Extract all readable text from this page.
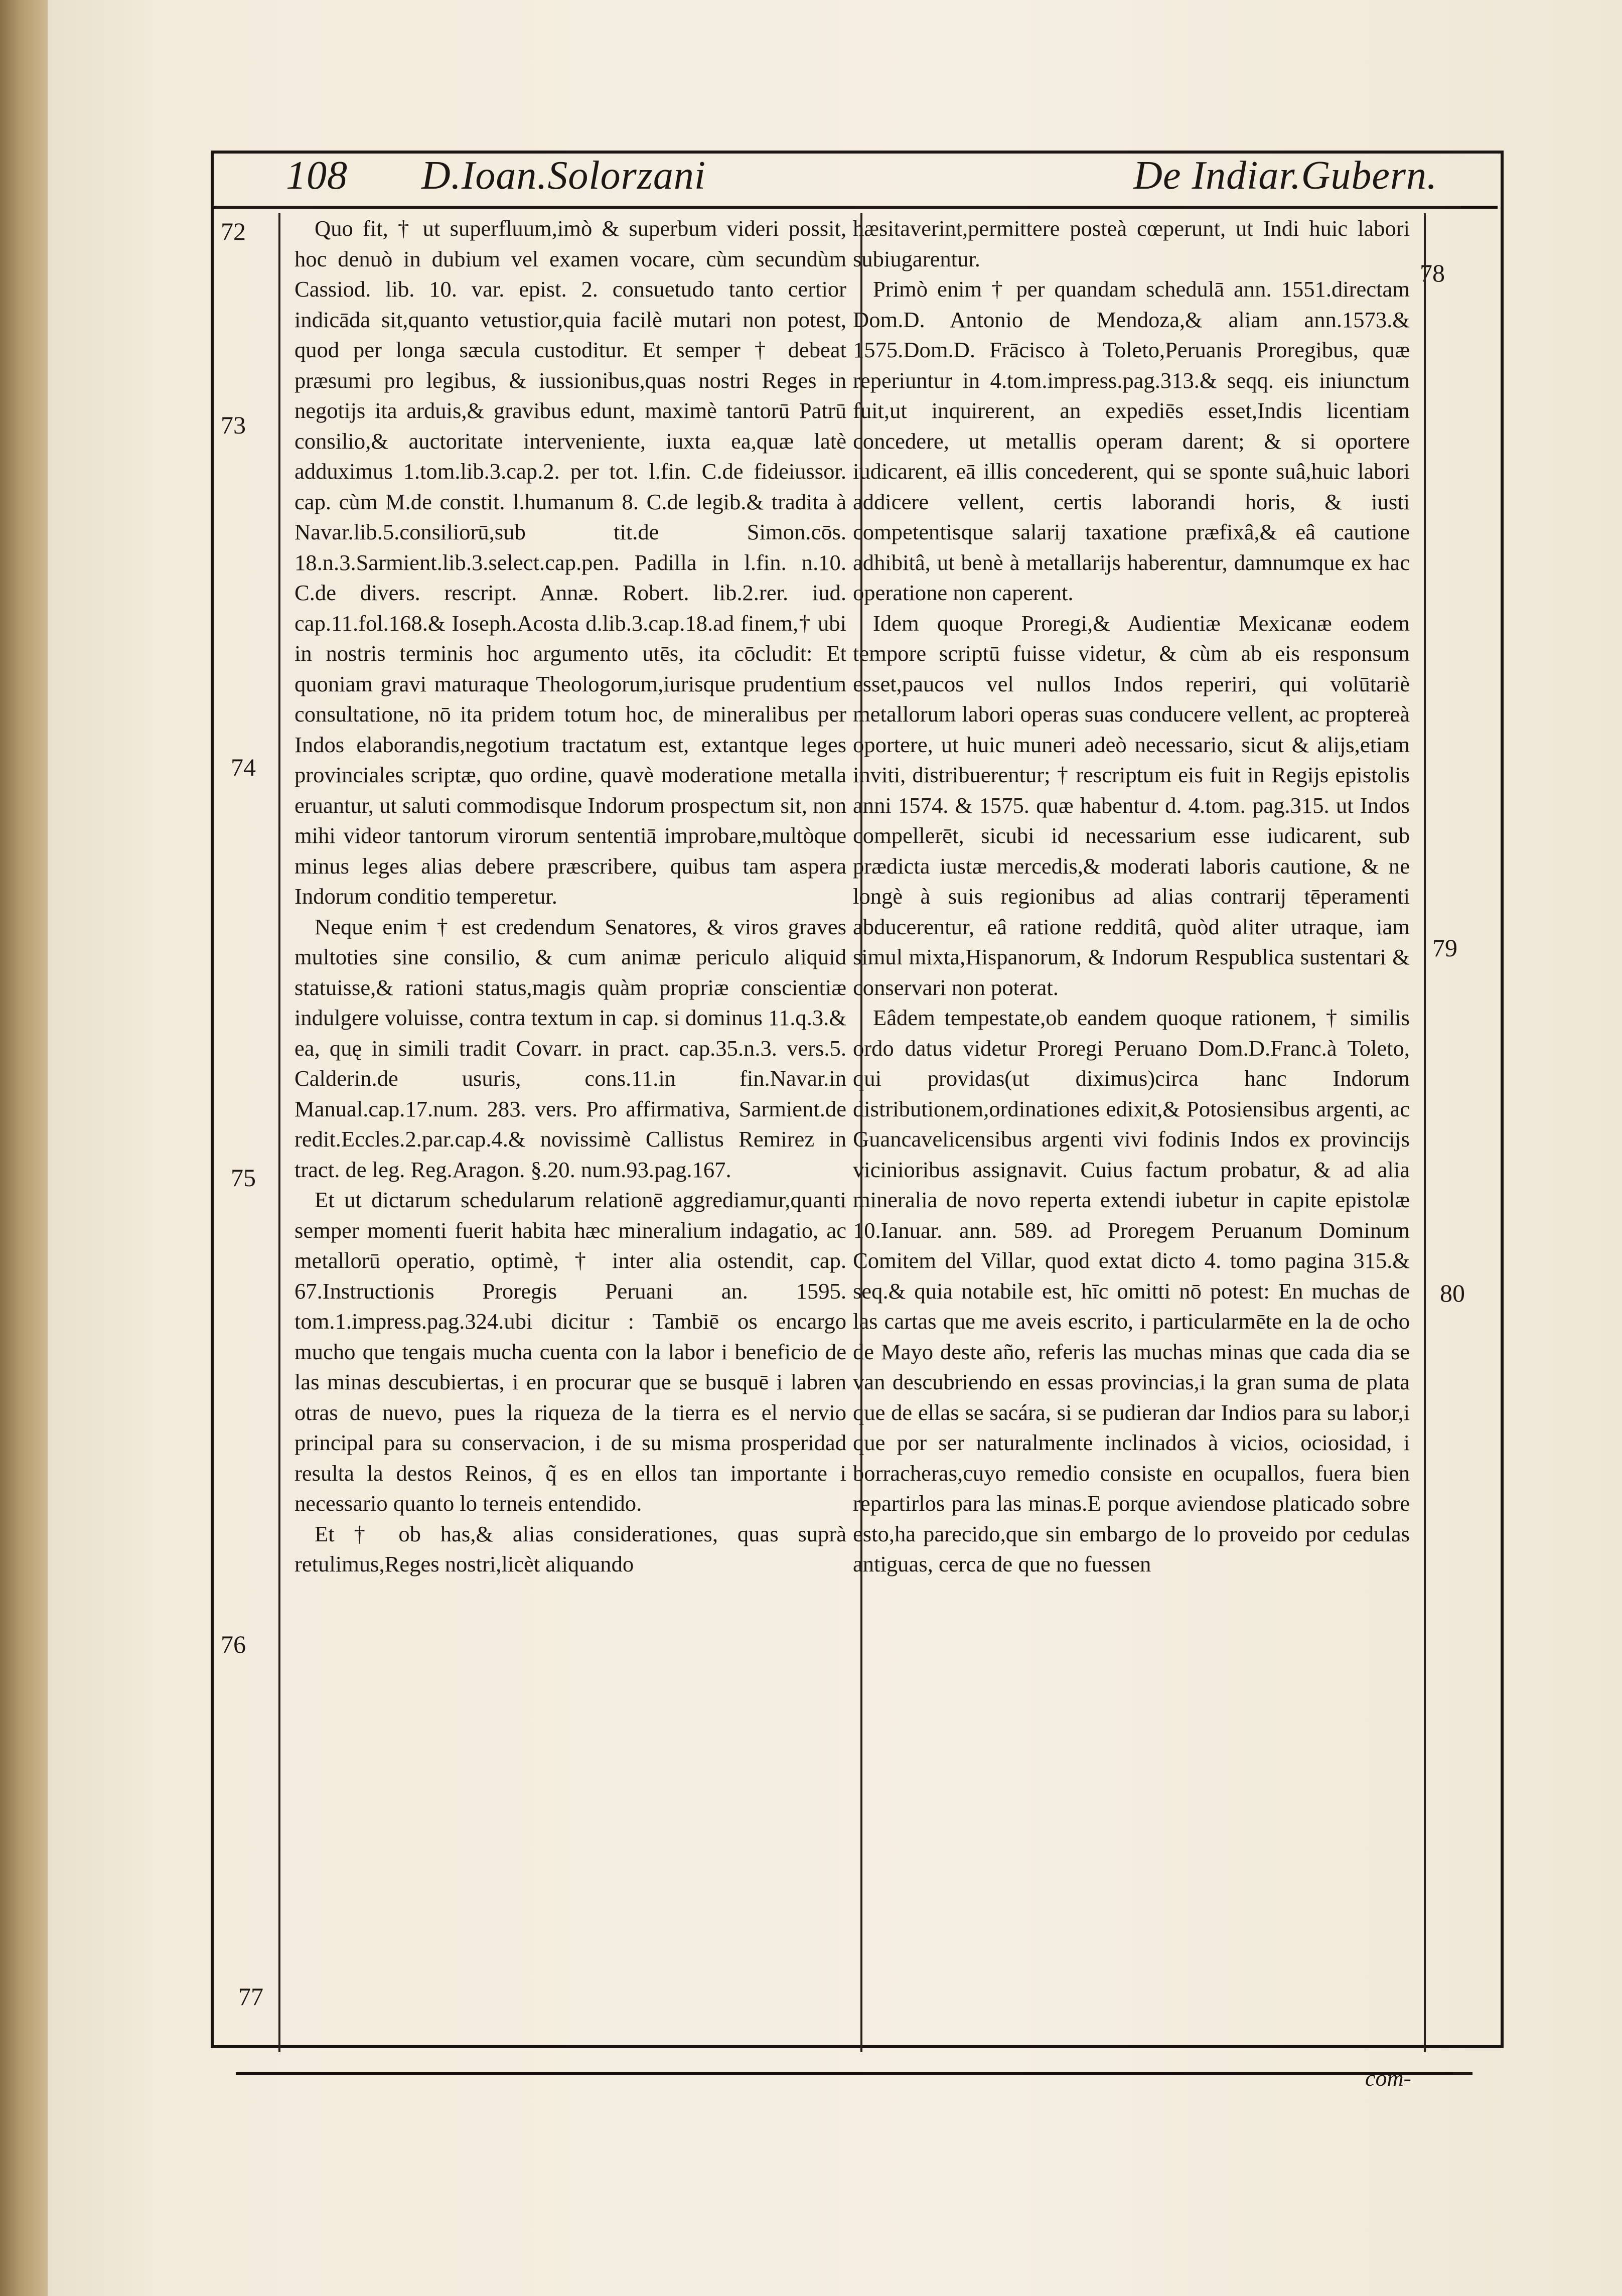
108 D.Ioan.Solorzani	De Indiar.Gubern.
72
73
74
75
76
77
78
79
80

Quo fit, † ut superfluum,imò & superbum videri possit, hoc denuò in dubium vel examen vocare, cùm secundùm Cassiod. lib. 10. var. epist. 2. consuetudo tanto certior indicāda sit,quanto vetustior,quia facilè mutari non potest, quod per longa sæcula custoditur. Et semper † debeat præsumi pro legibus, & iussionibus,quas nostri Reges in negotijs ita arduis,& gravibus edunt, maximè tantorū Patrū consilio,& auctoritate interveniente, iuxta ea,quæ latè adduximus 1.tom.lib.3.cap.2. per tot. l.fin. C.de fideiussor. cap. cùm M.de constit. l.humanum 8. C.de legib.& tradita à Navar.lib.5.consiliorū,sub tit.de Simon.cōs. 18.n.3.Sarmient.lib.3.select.cap.pen. Padilla in l.fin. n.10. C.de divers. rescript. Annæ. Robert. lib.2.rer. iud. cap.11.fol.168.& Ioseph.Acosta d.lib.3.cap.18.ad finem,† ubi in nostris terminis hoc argumento utēs, ita cōcludit: Et quoniam gravi maturaque Theologorum,iurisque prudentium consultatione, nō ita pridem totum hoc, de mineralibus per Indos elaborandis,negotium tractatum est, extantque leges provinciales scriptæ, quo ordine, quavè moderatione metalla eruantur, ut saluti commodisque Indorum prospectum sit, non mihi videor tantorum virorum sententiā improbare,multòque minus leges alias debere præscribere, quibus tam aspera Indorum conditio temperetur.

Neque enim † est credendum Senatores, & viros graves multoties sine consilio, & cum animæ periculo aliquid statuisse,& rationi status,magis quàm propriæ conscientiæ indulgere voluisse, contra textum in cap. si dominus 11.q.3.& ea, quę in simili tradit Covarr. in pract. cap.35.n.3. vers.5. Calderin.de usuris, cons.11.in fin.Navar.in Manual.cap.17.num. 283. vers. Pro affirmativa, Sarmient.de redit.Eccles.2.par.cap.4.& novissimè Callistus Remirez in tract. de leg. Reg.Aragon. §.20. num.93.pag.167.

Et ut dictarum schedularum relationē aggrediamur,quanti semper momenti fuerit habita hæc mineralium indagatio, ac metallorū operatio, optimè, † inter alia ostendit, cap. 67.Instructionis Proregis Peruani an. 1595. tom.1.impress.pag.324.ubi dicitur : Tambiē os encargo mucho que tengais mucha cuenta con la labor i beneficio de las minas descubiertas, i en procurar que se busquē i labren otras de nuevo, pues la riqueza de la tierra es el nervio principal para su conservacion, i de su misma prosperidad resulta la destos Reinos, q̃ es en ellos tan importante i necessario quanto lo terneis entendido.

Et † ob has,& alias considerationes, quas suprà retulimus,Reges nostri,licèt aliquando

hæsitaverint,permittere posteà cœperunt, ut Indi huic labori subiugarentur.

Primò enim † per quandam schedulā ann. 1551.directam Dom.D. Antonio de Mendoza,& aliam ann.1573.& 1575.Dom.D. Frācisco à Toleto,Peruanis Proregibus, quæ reperiuntur in 4.tom.impress.pag.313.& seqq. eis iniunctum fuit,ut inquirerent, an expediēs esset,Indis licentiam concedere, ut metallis operam darent; & si oportere iudicarent, eā illis concederent, qui se sponte suâ,huic labori addicere vellent, certis laborandi horis, & iusti competentisque salarij taxatione præfixâ,& eâ cautione adhibitâ, ut benè à metallarijs haberentur, damnumque ex hac operatione non caperent.

Idem quoque Proregi,& Audientiæ Mexicanæ eodem tempore scriptū fuisse videtur, & cùm ab eis responsum esset,paucos vel nullos Indos reperiri, qui volūtariè metallorum labori operas suas conducere vellent, ac proptereà oportere, ut huic muneri adeò necessario, sicut & alijs,etiam inviti, distribuerentur; † rescriptum eis fuit in Regijs epistolis anni 1574. & 1575. quæ habentur d. 4.tom. pag.315. ut Indos compellerēt, sicubi id necessarium esse iudicarent, sub prædicta iustæ mercedis,& moderati laboris cautione, & ne longè à suis regionibus ad alias contrarij tēperamenti abducerentur, eâ ratione redditâ, quòd aliter utraque, iam simul mixta,Hispanorum, & Indorum Respublica sustentari & conservari non poterat.

Eâdem tempestate,ob eandem quoque rationem, † similis ordo datus videtur Proregi Peruano Dom.D.Franc.à Toleto, qui providas(ut diximus)circa hanc Indorum distributionem,ordinationes edixit,& Potosiensibus argenti, ac Guancavelicensibus argenti vivi fodinis Indos ex provincijs vicinioribus assignavit. Cuius factum probatur, & ad alia mineralia de novo reperta extendi iubetur in capite epistolæ 10.Ianuar. ann. 589. ad Proregem Peruanum Dominum Comitem del Villar, quod extat dicto 4. tomo pagina 315.& seq.& quia notabile est, hīc omitti nō potest: En muchas de las cartas que me aveis escrito, i particularmēte en la de ocho de Mayo deste año, referis las muchas minas que cada dia se van descubriendo en essas provincias,i la gran suma de plata que de ellas se sacára, si se pudieran dar Indios para su labor,i que por ser naturalmente inclinados à vicios, ociosidad, i borracheras,cuyo remedio consiste en ocupallos, fuera bien repartirlos para las minas.E porque aviendose platicado sobre esto,ha parecido,que sin embargo de lo proveido por cedulas antiguas, cerca de que no fuessen

com-
